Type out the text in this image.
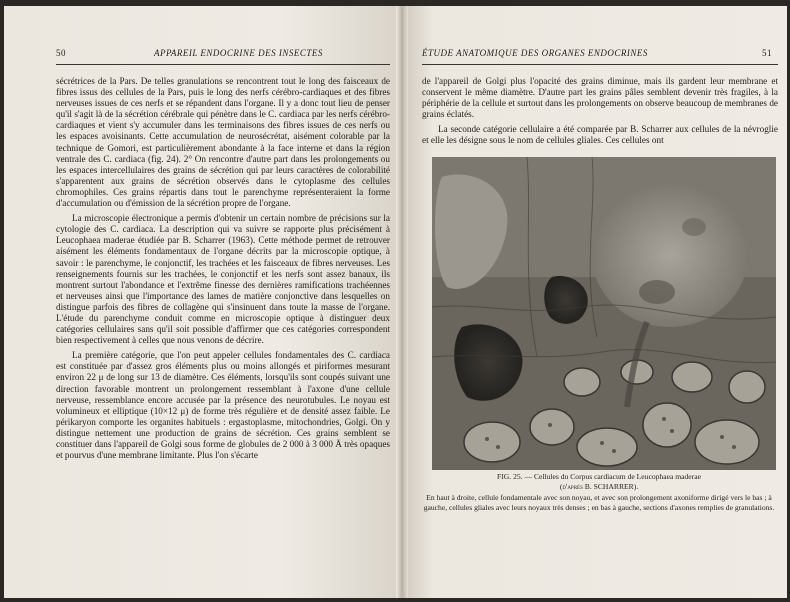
50	APPAREIL ENDOCRINE DES INSECTES

sécrétrices de la Pars. De telles granulations se rencontrent tout le long des faisceaux de fibres issus des cellules de la Pars, puis le long des nerfs cérébro-cardiaques et des fibres nerveuses issues de ces nerfs et se répandent dans l'organe. Il y a donc tout lieu de penser qu'il s'agit là de la sécrétion cérébrale qui pénètre dans le C. cardiaca par les nerfs cérébro-cardiaques et vient s'y accumuler dans les terminaisons des fibres issues de ces nerfs ou les espaces avoisinants. Cette accumulation de neurosécrétat, aisément colorable par la technique de Gomori, est particulièrement abondante à la face interne et dans la région ventrale des C. cardiaca (fig. 24). 2° On rencontre d'autre part dans les prolongements ou les espaces intercellulaires des grains de sécrétion qui par leurs caractères de colorabilité s'apparentent aux grains de sécrétion observés dans le cytoplasme des cellules chromophiles. Ces grains répartis dans tout le parenchyme représenteraient la forme d'accumulation ou d'émission de la sécrétion propre de l'organe.

La microscopie électronique a permis d'obtenir un certain nombre de précisions sur la cytologie des C. cardiaca. La description qui va suivre se rapporte plus précisément à Leucophaea maderae étudiée par B. Scharrer (1963). Cette méthode permet de retrouver aisément les éléments fondamentaux de l'organe décrits par la microscopie optique, à savoir : le parenchyme, le conjonctif, les trachées et les faisceaux de fibres nerveuses. Les renseignements fournis sur les trachées, le conjonctif et les nerfs sont assez banaux, ils montrent surtout l'abondance et l'extrême finesse des dernières ramifications trachéennes et nerveuses ainsi que l'importance des lames de matière conjonctive dans lesquelles on distingue parfois des fibres de collagène qui s'insinuent dans toute la masse de l'organe. L'étude du parenchyme conduit comme en microscopie optique à distinguer deux catégories cellulaires sans qu'il soit possible d'affirmer que ces catégories correspondent bien respectivement à celles que nous venons de décrire.

La première catégorie, que l'on peut appeler cellules fondamentales des C. cardiaca est constituée par d'assez gros éléments plus ou moins allongés et piriformes mesurant environ 22 μ de long sur 13 de diamètre. Ces éléments, lorsqu'ils sont coupés suivant une direction favorable montrent un prolongement ressemblant à l'axone d'une cellule nerveuse, ressemblance encore accusée par la présence des neurotubules. Le noyau est volumineux et elliptique (10×12 μ) de forme très régulière et de densité assez faible. Le périkaryon comporte les organites habituels : ergastoplasme, mitochondries, Golgi. On y distingue nettement une production de grains de sécrétion. Ces grains semblent se constituer dans l'appareil de Golgi sous forme de globules de 2 000 à 3 000 Å très opaques et pourvus d'une membrane limitante. Plus l'on s'écarte

ÉTUDE ANATOMIQUE DES ORGANES ENDOCRINES	51

de l'appareil de Golgi plus l'opacité des grains diminue, mais ils gardent leur membrane et conservent le même diamètre. D'autre part les grains pâles semblent devenir très fragiles, à la périphérie de la cellule et surtout dans les prolongements on observe beaucoup de membranes de grains éclatés.

La seconde catégorie cellulaire a été comparée par B. Scharrer aux cellules de la névroglie et elle les désigne sous le nom de cellules gliales. Ces cellules ont

FIG. 25. — Cellules du Corpus cardiacum de Leucophaea maderae
(d'après B. SCHARRER).
En haut à droite, cellule fondamentale avec son noyau, et avec son prolongement axoniforme dirigé vers le bas ; à gauche, cellules gliales avec leurs noyaux très denses ; en bas à gauche, sections d'axones remplies de granulations.
